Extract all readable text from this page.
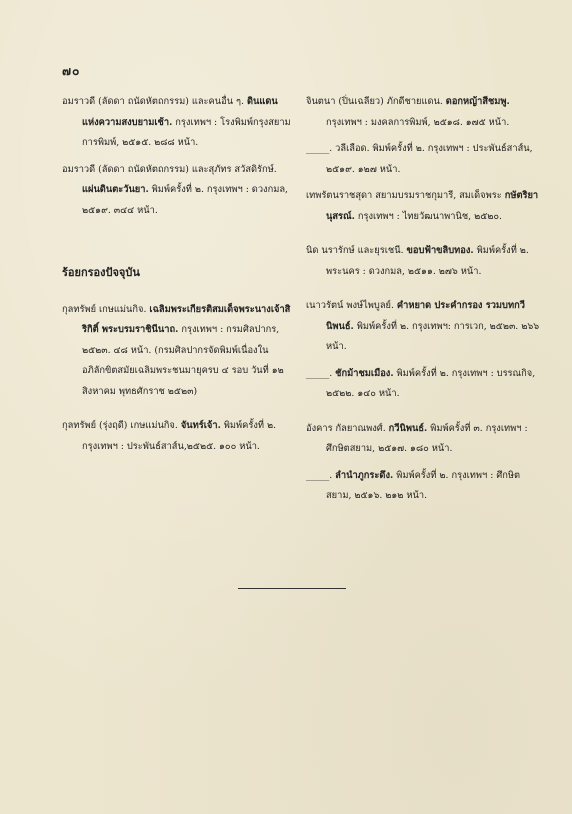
๗๐

อมราวดี (ลัดดา ถนัดหัตถกรรม) และคนอื่น ๆ. ดินแดนแห่งความสงบยามเช้า. กรุงเทพฯ : โรงพิมพ์กรุงสยามการพิมพ์, ๒๕๑๕. ๒๘๘ หน้า.

อมราวดี (ลัดดา ถนัดหัตถกรรม) และสุภัทร สวัสดิรักษ์. แผ่นดินตะวันยา. พิมพ์ครั้งที่ ๒. กรุงเทพฯ : ดวงกมล, ๒๕๑๙. ๓๔๔ หน้า.

ร้อยกรองปัจจุบัน

กุลทรัพย์ เกษแม่นกิจ. เฉลิมพระเกียรติสมเด็จพระนางเจ้าสิริกิติ์ พระบรมราชินีนาถ. กรุงเทพฯ : กรมศิลปากร, ๒๕๒๓. ๔๘ หน้า. (กรมศิลปากรจัดพิมพ์เนื่องในอภิลักขิตสมัยเฉลิมพระชนมายุครบ ๔ รอบ วันที่ ๑๒ สิงหาคม พุทธศักราช ๒๕๒๓)

กุลทรัพย์ (รุ่งฤดี) เกษแม่นกิจ. จันทร์เจ้า. พิมพ์ครั้งที่ ๒. กรุงเทพฯ : ประพันธ์สาส์น,๒๕๒๕. ๑๐๐ หน้า.

จินตนา (ปิ่นเฉลียว) ภักดีชายแดน. ดอกหญ้าสีชมพู. กรุงเทพฯ : มงคลการพิมพ์, ๒๕๑๘. ๑๗๕ หน้า.

_____. วลีเลือด. พิมพ์ครั้งที่ ๒. กรุงเทพฯ : ประพันธ์สาส์น, ๒๕๑๙. ๑๒๗ หน้า.

เทพรัตนราชสุดา สยามบรมราชกุมารี, สมเด็จพระ กษัตริยานุสรณ์. กรุงเทพฯ : ไทยวัฒนาพานิช, ๒๕๒๐.

นิด นรารักษ์ และยุรเชนี. ขอบฟ้าขลิบทอง. พิมพ์ครั้งที่ ๒. พระนคร : ดวงกมล, ๒๕๑๑. ๒๗๖ หน้า.

เนาวรัตน์ พงษ์ไพบูลย์. คำหยาด ประคำกรอง รวมบทกวีนิพนธ์. พิมพ์ครั้งที่ ๒. กรุงเทพฯ: การเวก, ๒๕๒๓. ๒๖๖ หน้า.

_____. ชักม้าชมเมือง. พิมพ์ครั้งที่ ๒. กรุงเทพฯ : บรรณกิจ, ๒๕๒๒. ๑๔๐ หน้า.

อังคาร กัลยาณพงศ์. กวีนิพนธ์. พิมพ์ครั้งที่ ๓. กรุงเทพฯ : ศึกษิตสยาม, ๒๕๑๗. ๑๘๐ หน้า.

_____. ลำนำภูกระดึง. พิมพ์ครั้งที่ ๒. กรุงเทพฯ : ศึกษิตสยาม, ๒๕๑๖. ๒๑๒ หน้า.
